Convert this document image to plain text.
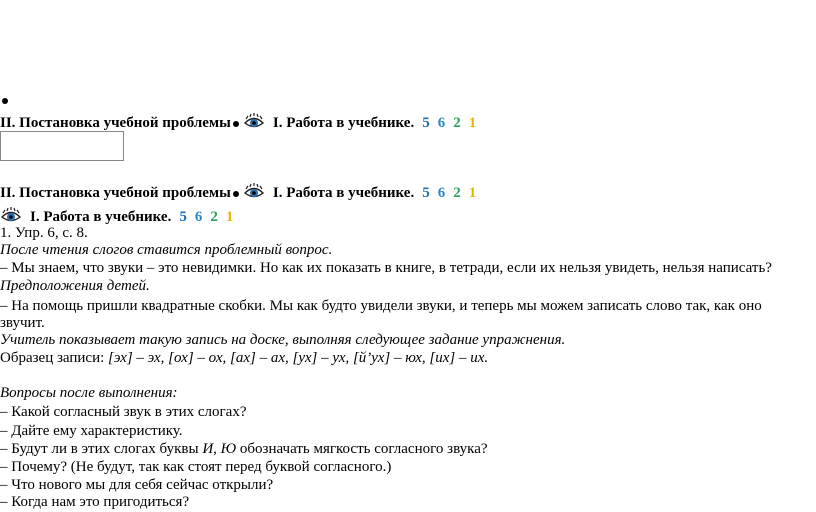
II. Постановка учебной проблемы	I. Работа в учебнике. 5 6 2 1
II. Постановка учебной проблемы	I. Работа в учебнике. 5 6 2 1
I. Работа в учебнике. 5 6 2 1
1. Упр. 6, с. 8.
После чтения слогов ставится проблемный вопрос.
– Мы знаем, что звуки – это невидимки. Но как их показать в книге, в тетради, если их нельзя увидеть, нельзя написать?
Предположения детей.
– На помощь пришли квадратные скобки. Мы как будто увидели звуки, и теперь мы можем записать слово так, как оно
звучит.
Учитель показывает такую запись на доске, выполняя следующее задание упражнения.
Образец записи: [эх] – эх, [ох] – ох, [ах] – ах, [ух] – ух, [й’ух] – юх, [их] – их.
Вопросы после выполнения:
– Какой согласный звук в этих слогах?
– Дайте ему характеристику.
– Будут ли в этих слогах буквы И, Ю обозначать мягкость согласного звука?
– Почему? (Не будут, так как стоят перед буквой согласного.)
– Что нового мы для себя сейчас открыли?
– Когда нам это пригодиться?
